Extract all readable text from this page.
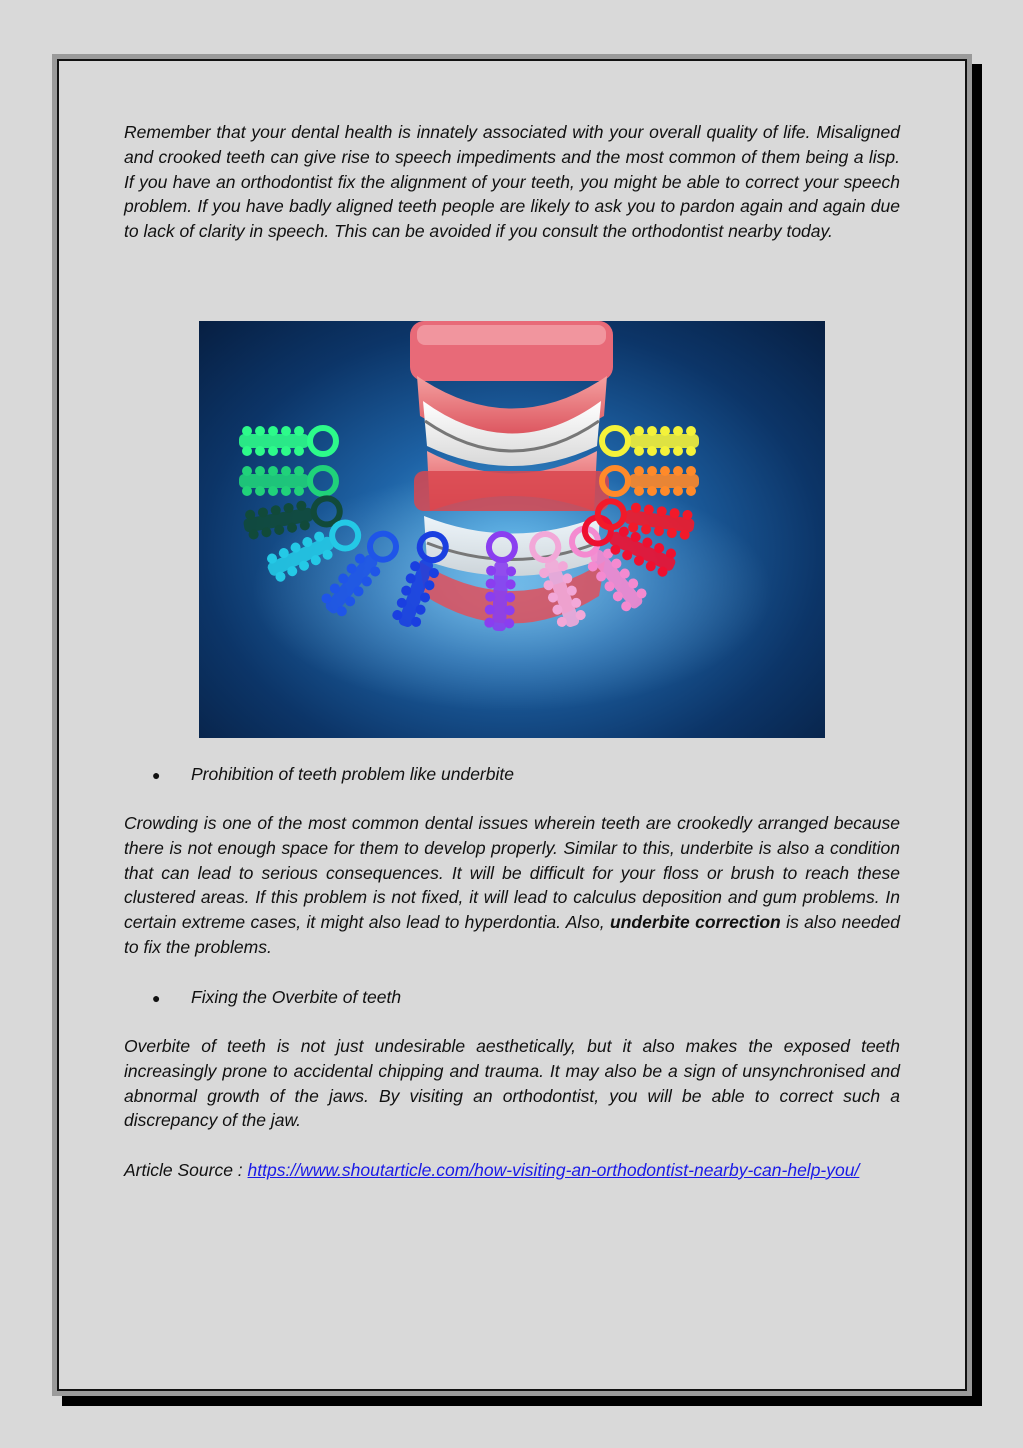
Remember that your dental health is innately associated with your overall quality of life. Misaligned and crooked teeth can give rise to speech impediments and the most common of them being a lisp. If you have an orthodontist fix the alignment of your teeth, you might be able to correct your speech problem. If you have badly aligned teeth people are likely to ask you to pardon again and again due to lack of clarity in speech. This can be avoided if you consult the orthodontist nearby today.

● Prohibition of teeth problem like underbite

Crowding is one of the most common dental issues wherein teeth are crookedly arranged because there is not enough space for them to develop properly. Similar to this, underbite is also a condition that can lead to serious consequences. It will be difficult for your floss or brush to reach these clustered areas. If this problem is not fixed, it will lead to calculus deposition and gum problems. In certain extreme cases, it might also lead to hyperdontia. Also, underbite correction is also needed to fix the problems.

● Fixing the Overbite of teeth

Overbite of teeth is not just undesirable aesthetically, but it also makes the exposed teeth increasingly prone to accidental chipping and trauma. It may also be a sign of unsynchronised and abnormal growth of the jaws. By visiting an orthodontist, you will be able to correct such a discrepancy of the jaw.

Article Source : https://www.shoutarticle.com/how-visiting-an-orthodontist-nearby-can-help-you/
